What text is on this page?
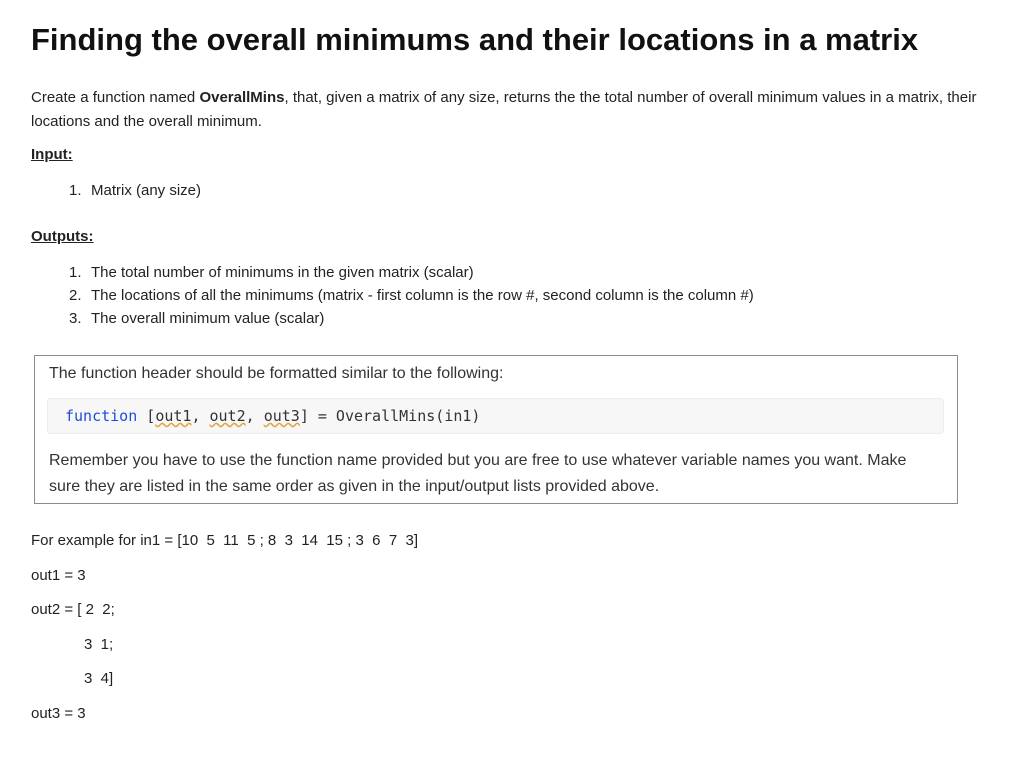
Finding the overall minimums and their locations in a matrix

Create a function named OverallMins, that, given a matrix of any size, returns the the total number of overall minimum values in a matrix, their locations and the overall minimum.

Input:

1. Matrix (any size)

Outputs:

1. The total number of minimums in the given matrix (scalar)
2. The locations of all the minimums (matrix - first column is the row #, second column is the column #)
3. The overall minimum value (scalar)
The function header should be formatted similar to the following:
function [out1, out2, out3] = OverallMins(in1)
Remember you have to use the function name provided but you are free to use whatever variable names you want. Make sure they are listed in the same order as given in the input/output lists provided above.

For example for in1 = [10  5  11  5 ; 8  3  14  15 ; 3  6  7  3]

out1 = 3

out2 = [ 2  2;

3  1;

3  4]

out3 = 3
